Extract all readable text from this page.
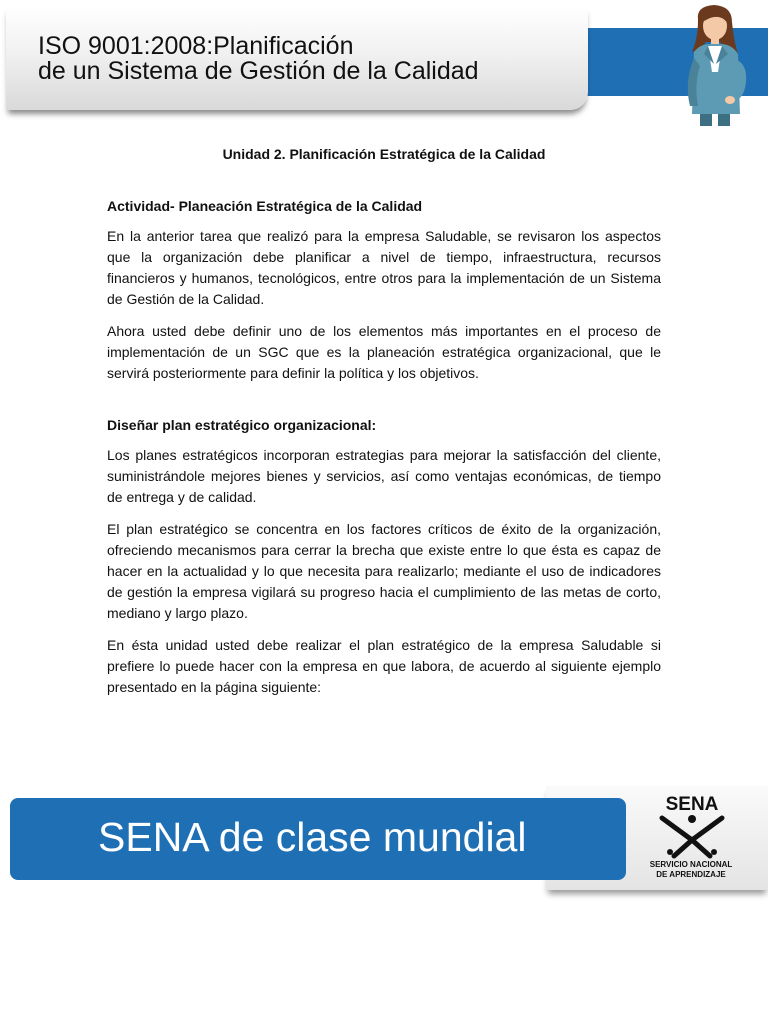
ISO 9001:2008:Planificación
de un Sistema de Gestión de la Calidad
Unidad 2. Planificación Estratégica de la Calidad
Actividad- Planeación Estratégica de la Calidad

En la anterior tarea que realizó para la empresa Saludable, se revisaron los aspectos que la organización debe planificar a nivel de tiempo, infraestructura, recursos financieros y humanos, tecnológicos, entre otros para la implementación de un Sistema de Gestión de la Calidad.

Ahora usted debe definir uno de los elementos más importantes en el proceso de implementación de un SGC que es la planeación estratégica organizacional, que le servirá posteriormente para definir la política y los objetivos.

Diseñar plan estratégico organizacional:

Los planes estratégicos incorporan estrategias para mejorar la satisfacción del cliente, suministrándole mejores bienes y servicios, así como ventajas económicas, de tiempo de entrega y de calidad.

El plan estratégico se concentra en los factores críticos de éxito de la organización, ofreciendo mecanismos para cerrar la brecha que existe entre lo que ésta es capaz de hacer en la actualidad y lo que necesita para realizarlo; mediante el uso de indicadores de gestión la empresa vigilará su progreso hacia el cumplimiento de las metas de corto, mediano y largo plazo.

En ésta unidad usted debe realizar el plan estratégico de la empresa Saludable si prefiere lo puede hacer con la empresa en que labora, de acuerdo al siguiente ejemplo presentado en la página siguiente:

SENA de clase mundial
SENA
SERVICIO NACIONAL
DE APRENDIZAJE
